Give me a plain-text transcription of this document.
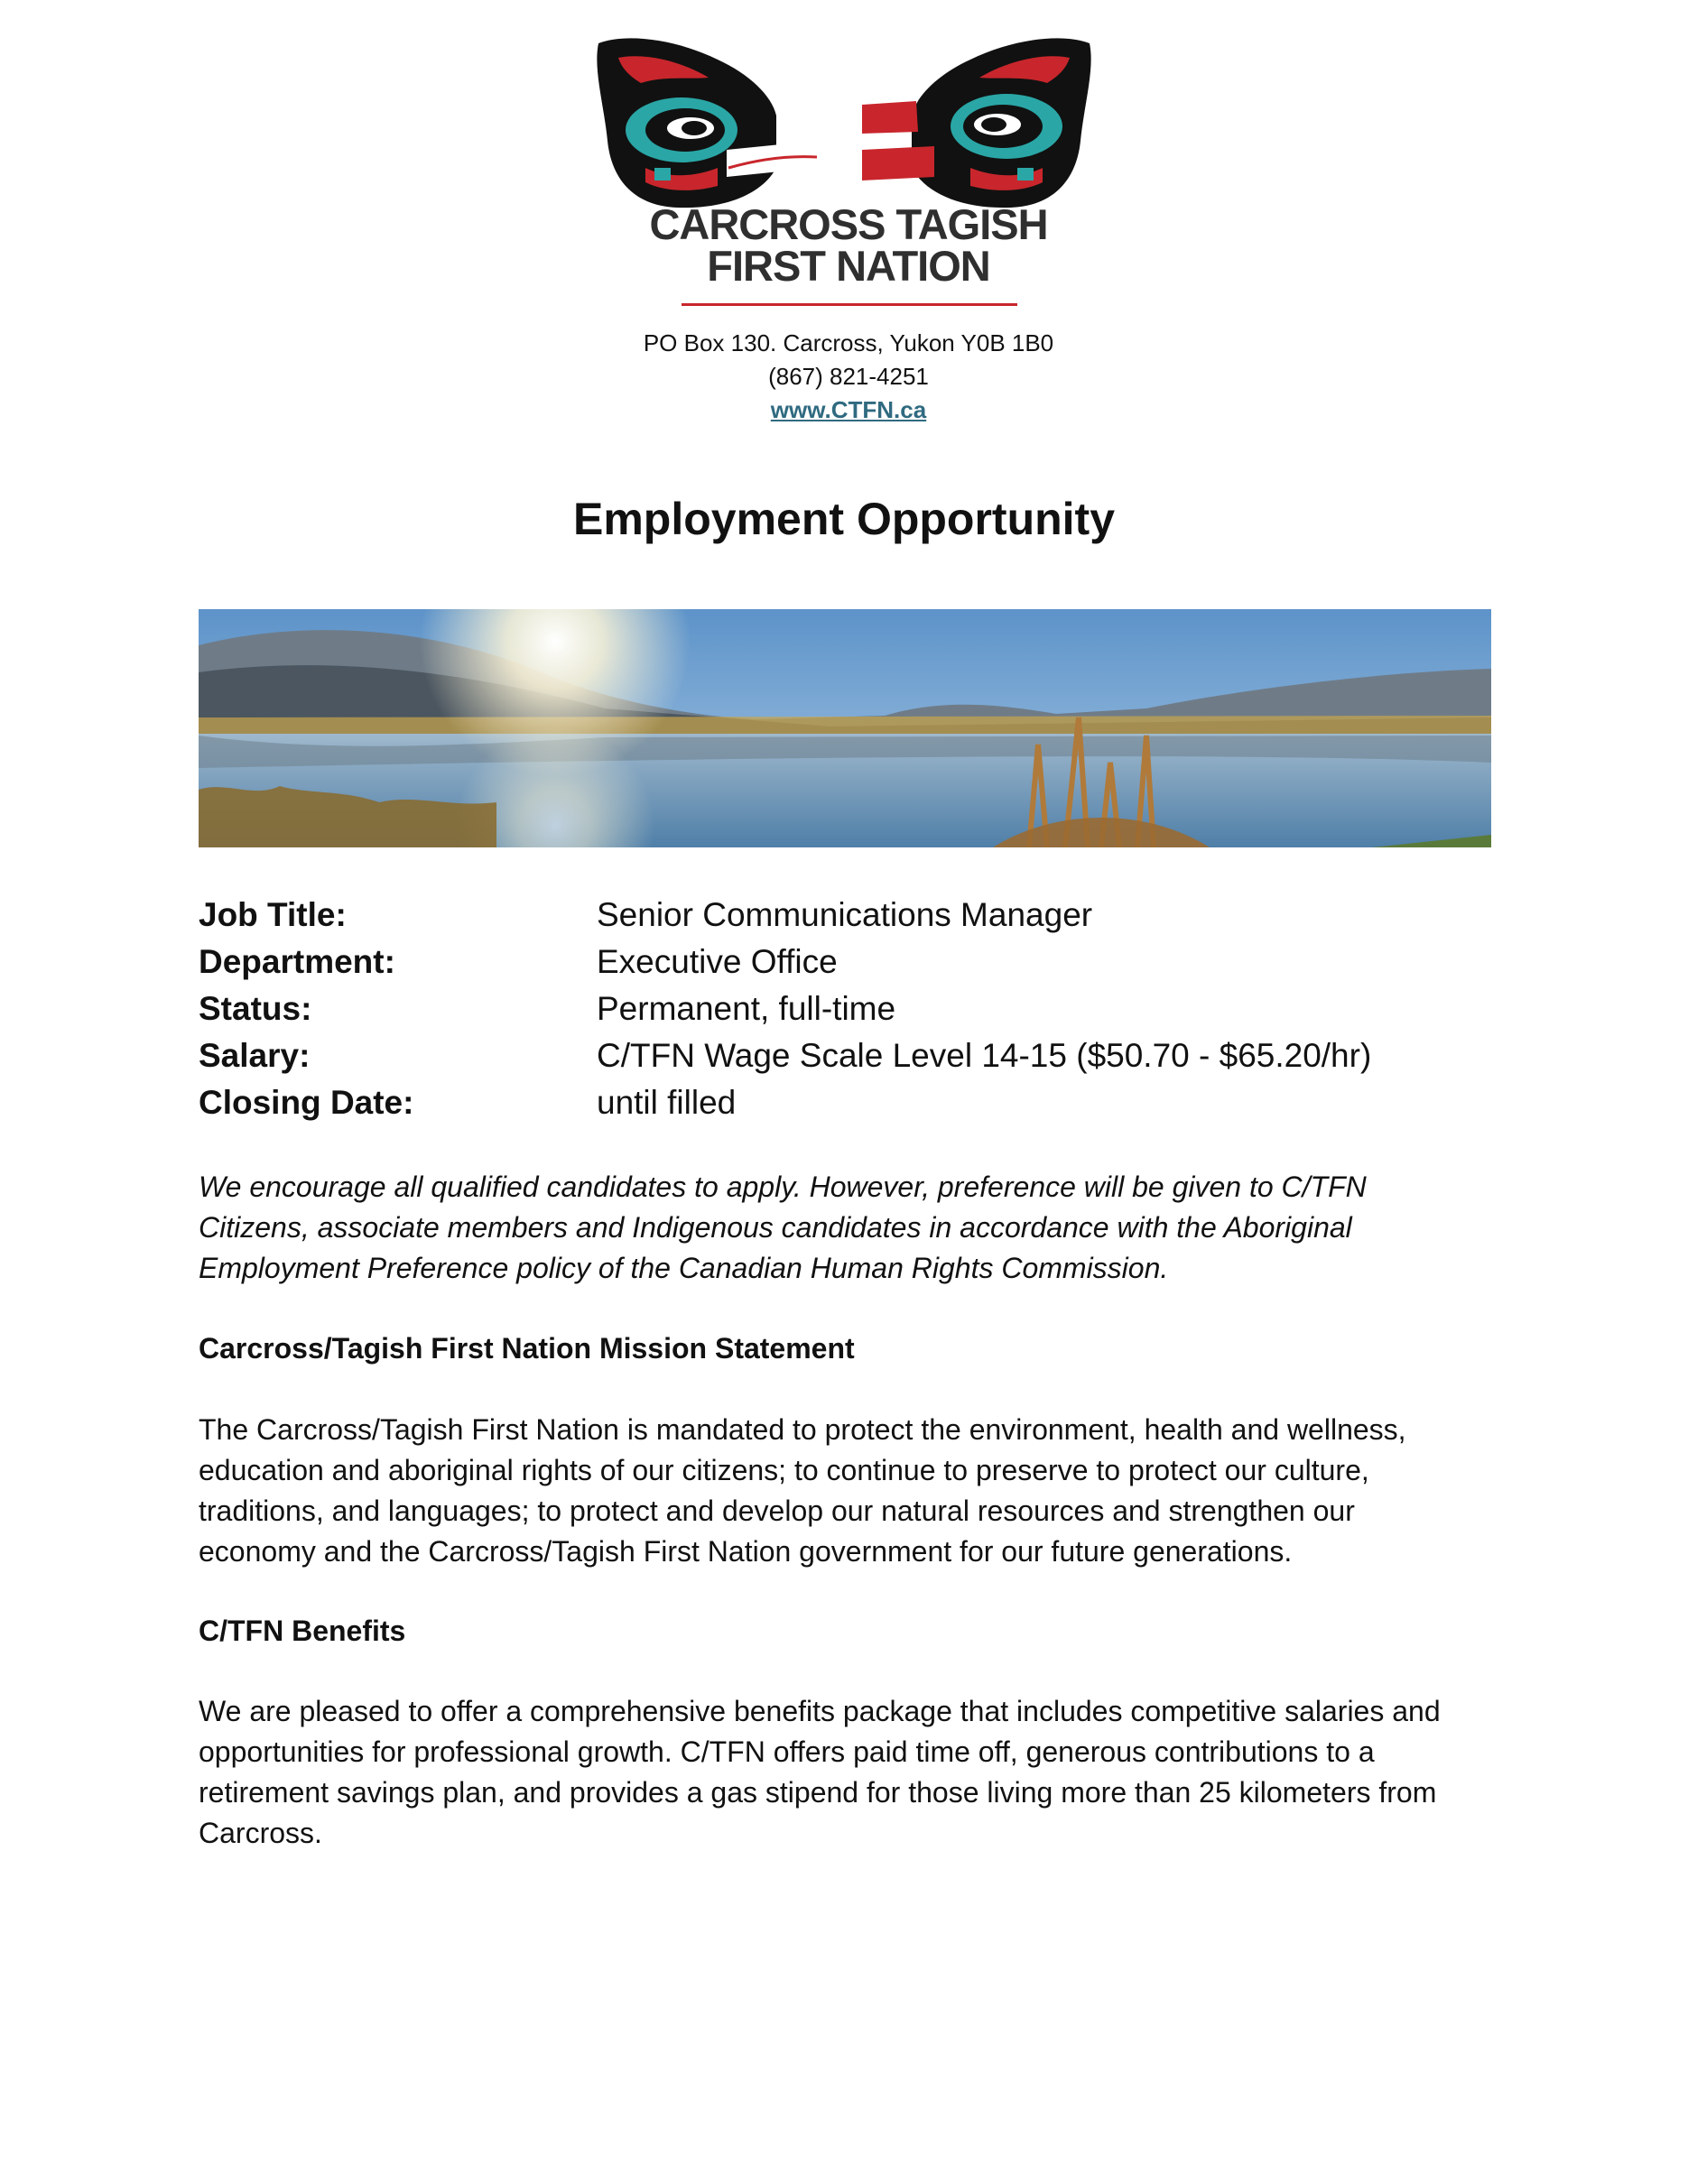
CARCROSS TAGISH
FIRST NATION
PO Box 130. Carcross, Yukon Y0B 1B0
(867) 821-4251
www.CTFN.ca
Employment Opportunity
Job Title:	Senior Communications Manager
Department:	Executive Office
Status:	Permanent, full-time
Salary:	C/TFN Wage Scale Level 14-15 ($50.70 - $65.20/hr)
Closing Date:	until filled
We encourage all qualified candidates to apply. However, preference will be given to C/TFN
Citizens, associate members and Indigenous candidates in accordance with the Aboriginal
Employment Preference policy of the Canadian Human Rights Commission.
Carcross/Tagish First Nation Mission Statement
The Carcross/Tagish First Nation is mandated to protect the environment, health and wellness,
education and aboriginal rights of our citizens; to continue to preserve to protect our culture,
traditions, and languages; to protect and develop our natural resources and strengthen our
economy and the Carcross/Tagish First Nation government for our future generations.
C/TFN Benefits
We are pleased to offer a comprehensive benefits package that includes competitive salaries and
opportunities for professional growth. C/TFN offers paid time off, generous contributions to a
retirement savings plan, and provides a gas stipend for those living more than 25 kilometers from
Carcross.
